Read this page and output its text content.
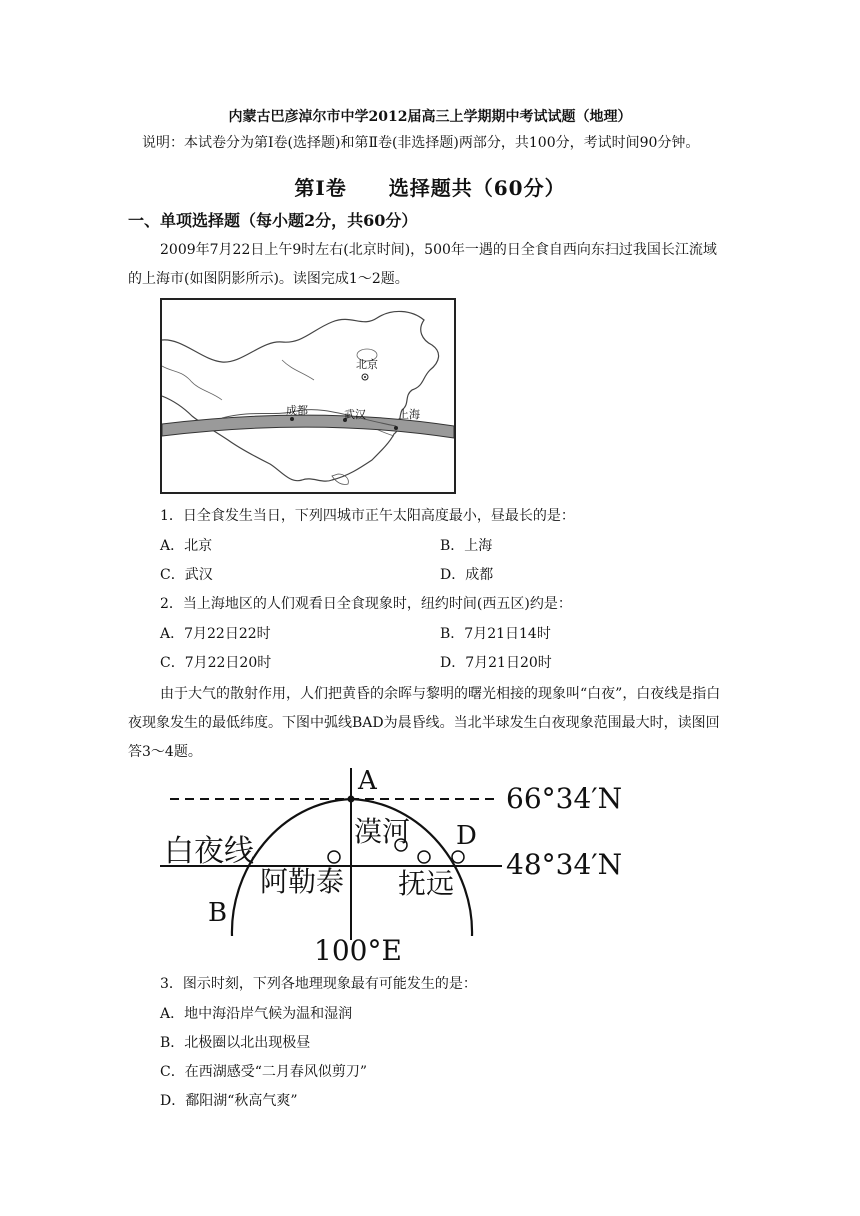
内蒙古巴彦淖尔市中学2012届高三上学期期中考试试题（地理）
说明：本试卷分为第Ⅰ卷(选择题)和第Ⅱ卷(非选择题)两部分，共100分，考试时间90分钟。
第Ⅰ卷　　选择题共（60分）
一、单项选择题（每小题2分，共60分）
2009年7月22日上午9时左右(北京时间)，500年一遇的日全食自西向东扫过我国长江流域的上海市(如图阴影所示)。读图完成1～2题。
北京
成都	武汉	上海
1．日全食发生当日，下列四城市正午太阳高度最小，昼最长的是：
A．北京	B．上海
C．武汉	D．成都
2．当上海地区的人们观看日全食现象时，纽约时间(西五区)约是：
A．7月22日22时	B．7月21日14时
C．7月22日20时	D．7月21日20时
由于大气的散射作用，人们把黄昏的余晖与黎明的曙光相接的现象叫“白夜”，白夜线是指白夜现象发生的最低纬度。下图中弧线BAD为晨昏线。当北半球发生白夜现象范围最大时，读图回答3～4题。
A
B
D
66°34′N
48°34′N
100°E
白夜线
漠河
阿勒泰 抚远
3．图示时刻，下列各地理现象最有可能发生的是：
A．地中海沿岸气候为温和湿润
B．北极圈以北出现极昼
C．在西湖感受“二月春风似剪刀”
D．鄱阳湖“秋高气爽”
